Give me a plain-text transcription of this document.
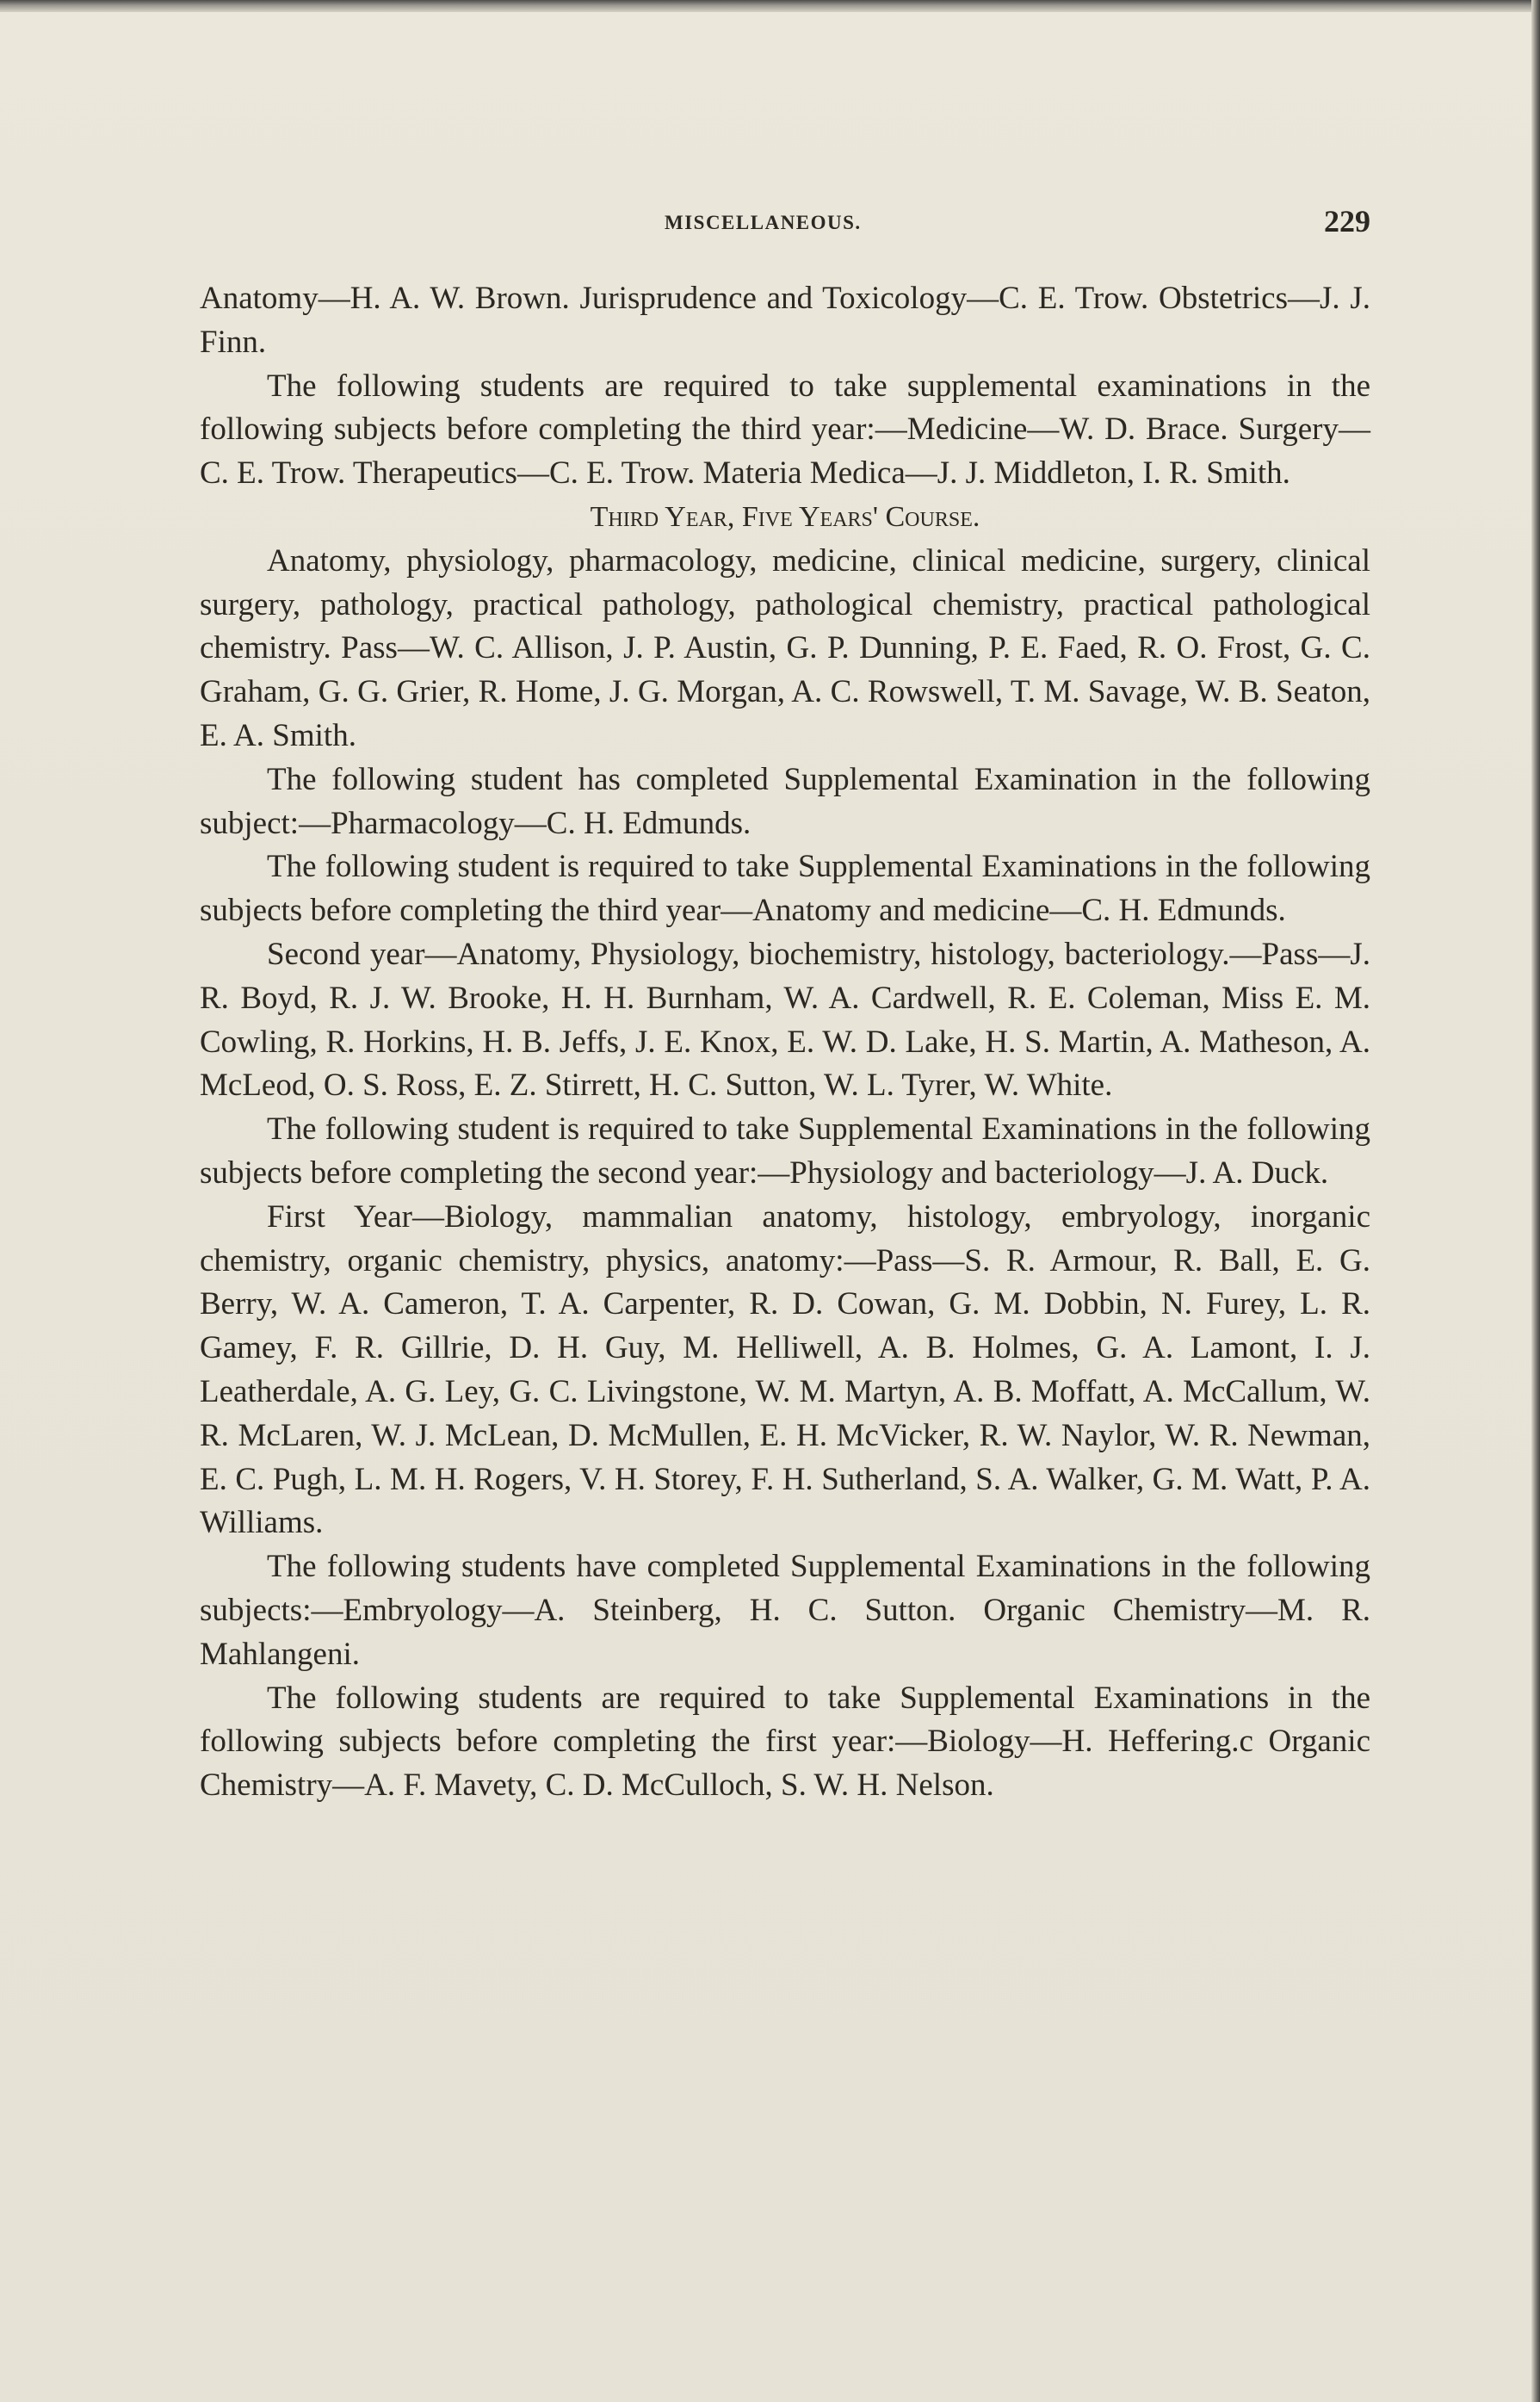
MISCELLANEOUS.	229

Anatomy—H. A. W. Brown. Jurisprudence and Toxicology—C. E. Trow. Obstetrics—J. J. Finn.

The following students are required to take supplemental examinations in the following subjects before completing the third year:—Medicine—W. D. Brace. Surgery—C. E. Trow. Therapeutics—C. E. Trow. Materia Medica—J. J. Middleton, I. R. Smith.

Third Year, Five Years' Course.

Anatomy, physiology, pharmacology, medicine, clinical medicine, surgery, clinical surgery, pathology, practical pathology, pathological chemistry, practical pathological chemistry. Pass—W. C. Allison, J. P. Austin, G. P. Dunning, P. E. Faed, R. O. Frost, G. C. Graham, G. G. Grier, R. Home, J. G. Morgan, A. C. Rowswell, T. M. Savage, W. B. Seaton, E. A. Smith.

The following student has completed Supplemental Examination in the following subject:—Pharmacology—C. H. Edmunds.

The following student is required to take Supplemental Examinations in the following subjects before completing the third year—Anatomy and medicine—C. H. Edmunds.

Second year—Anatomy, Physiology, biochemistry, histology, bacteriology.—Pass—J. R. Boyd, R. J. W. Brooke, H. H. Burnham, W. A. Cardwell, R. E. Coleman, Miss E. M. Cowling, R. Horkins, H. B. Jeffs, J. E. Knox, E. W. D. Lake, H. S. Martin, A. Matheson, A. McLeod, O. S. Ross, E. Z. Stirrett, H. C. Sutton, W. L. Tyrer, W. White.

The following student is required to take Supplemental Examinations in the following subjects before completing the second year:—Physiology and bacteriology—J. A. Duck.

First Year—Biology, mammalian anatomy, histology, embryology, inorganic chemistry, organic chemistry, physics, anatomy:—Pass—S. R. Armour, R. Ball, E. G. Berry, W. A. Cameron, T. A. Carpenter, R. D. Cowan, G. M. Dobbin, N. Furey, L. R. Gamey, F. R. Gillrie, D. H. Guy, M. Helliwell, A. B. Holmes, G. A. Lamont, I. J. Leatherdale, A. G. Ley, G. C. Livingstone, W. M. Martyn, A. B. Moffatt, A. McCallum, W. R. McLaren, W. J. McLean, D. McMullen, E. H. McVicker, R. W. Naylor, W. R. Newman, E. C. Pugh, L. M. H. Rogers, V. H. Storey, F. H. Sutherland, S. A. Walker, G. M. Watt, P. A. Williams.

The following students have completed Supplemental Examinations in the following subjects:—Embryology—A. Steinberg, H. C. Sutton. Organic Chemistry—M. R. Mahlangeni.

The following students are required to take Supplemental Examinations in the following subjects before completing the first year:—Biology—H. Heffering.c Organic Chemistry—A. F. Mavety, C. D. McCulloch, S. W. H. Nelson.
